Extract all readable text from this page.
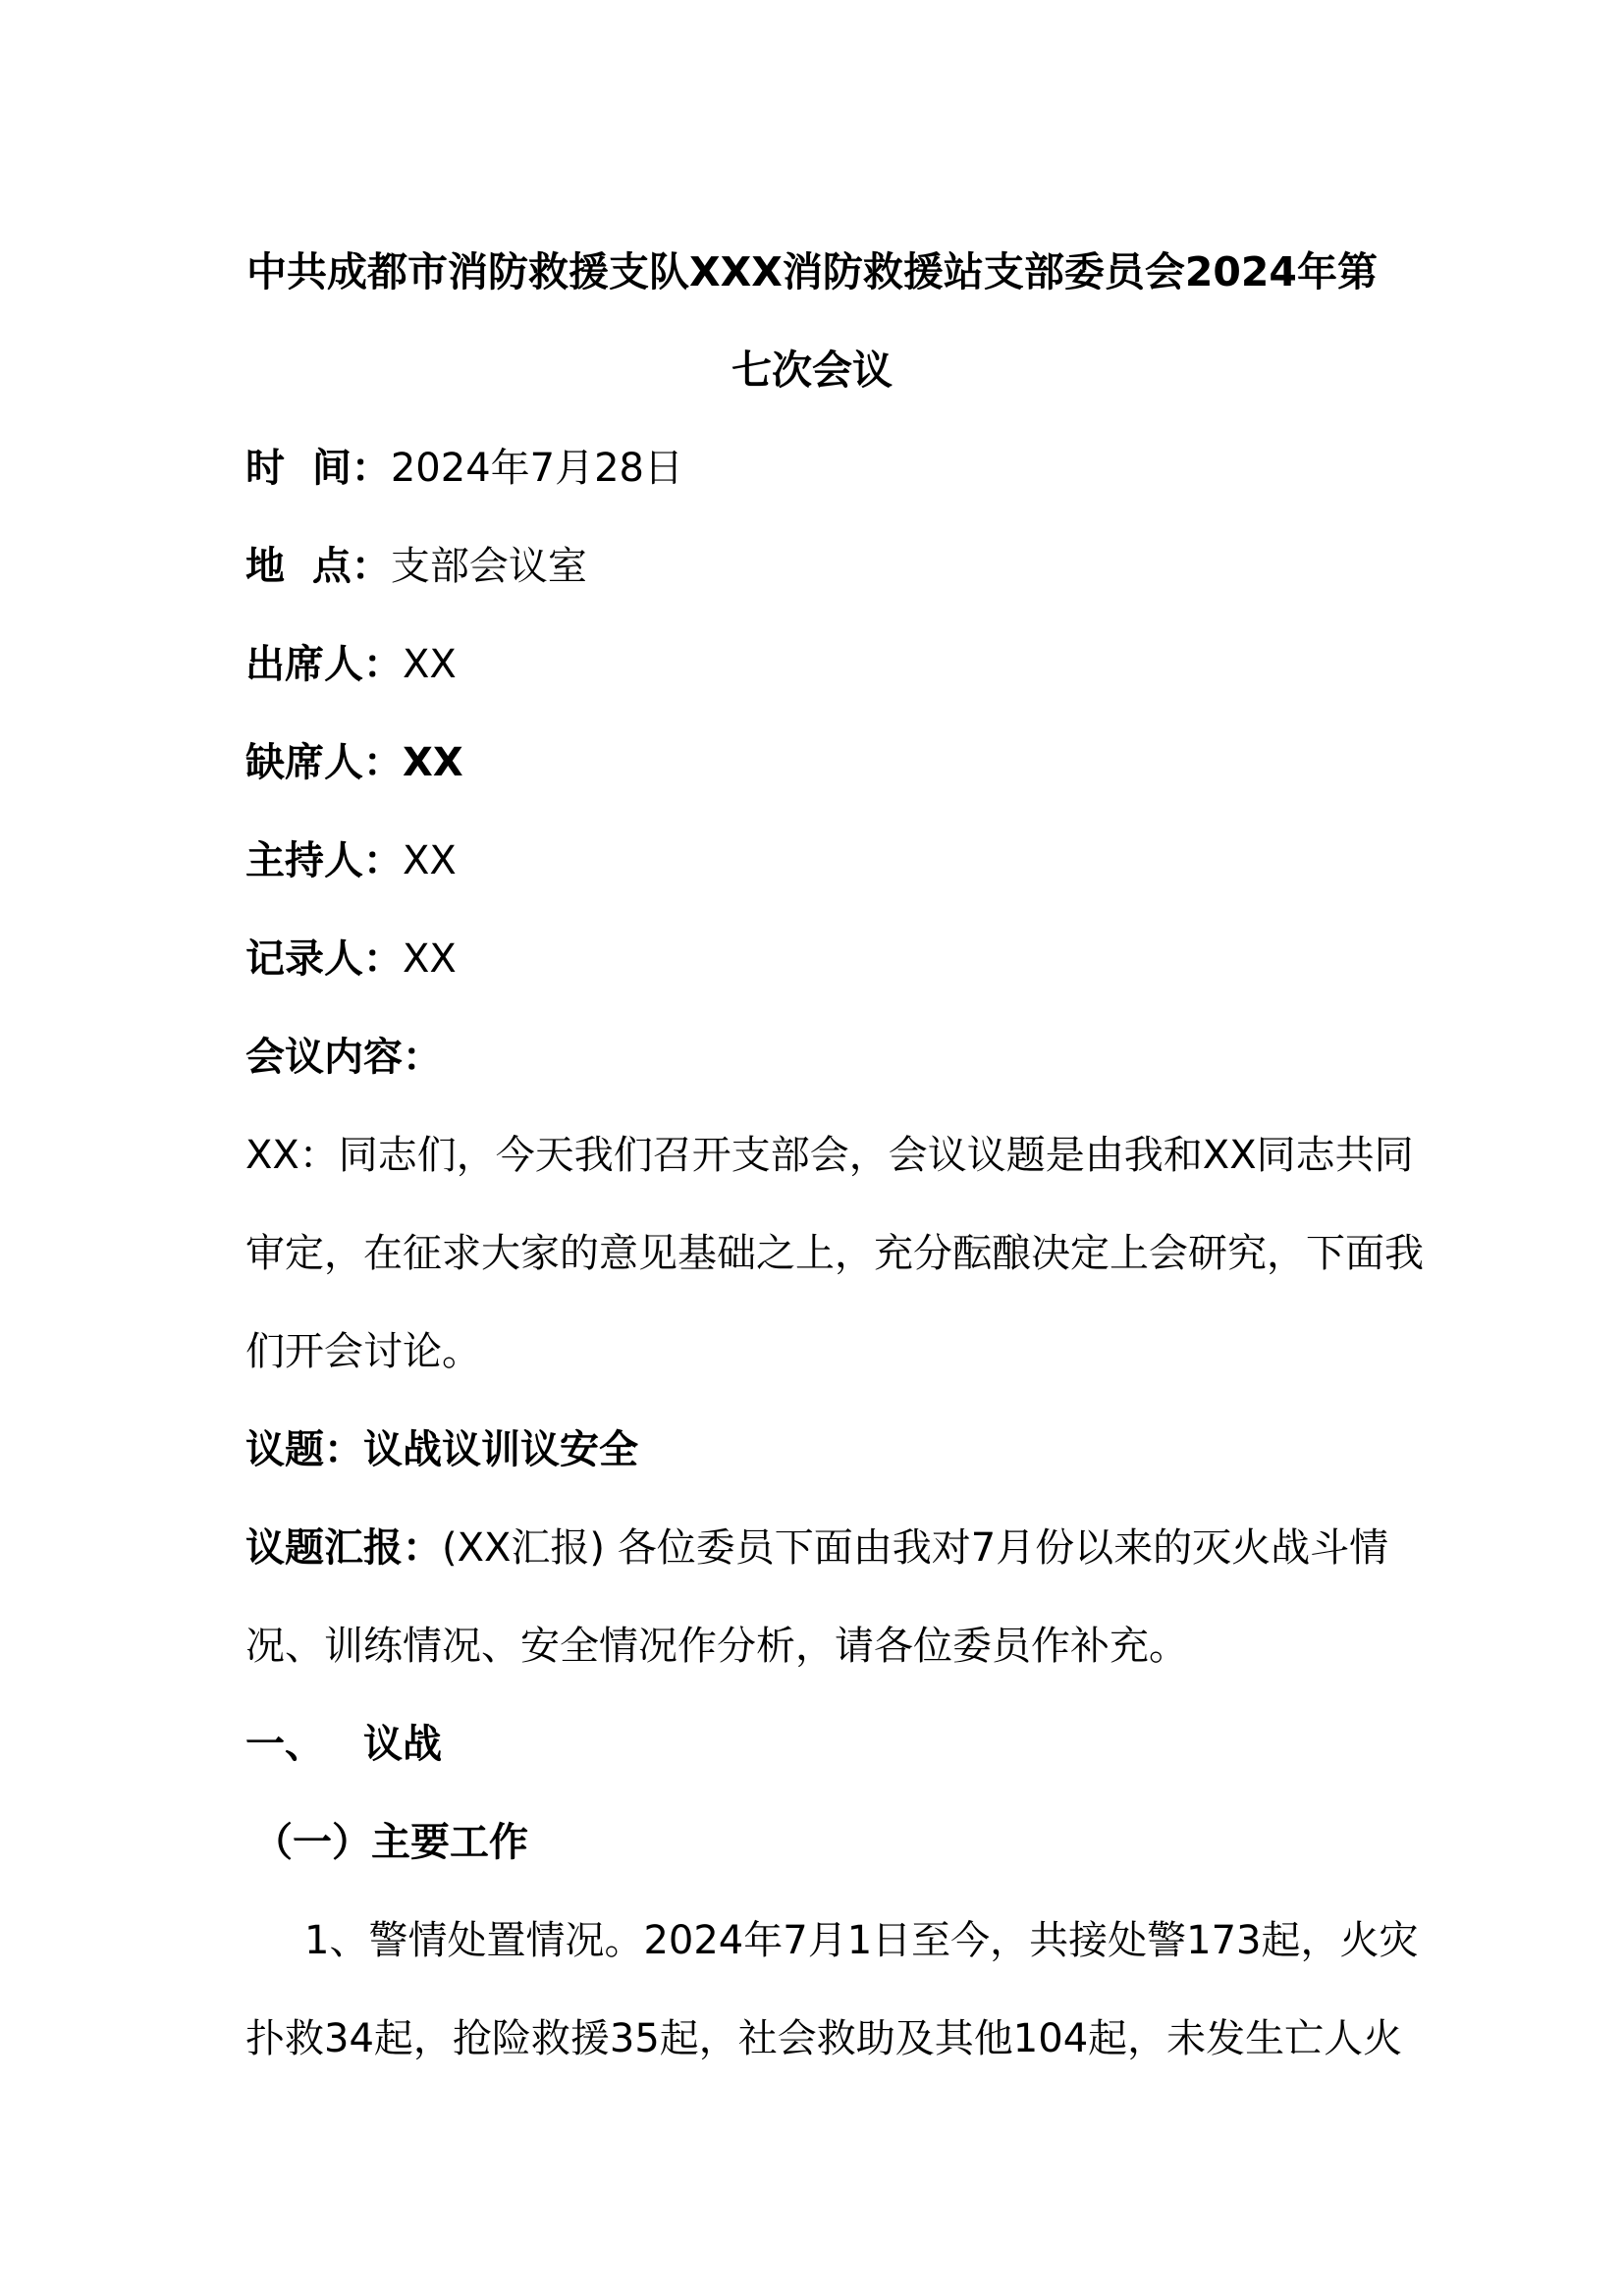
中共成都市消防救援支队XXX消防救援站支部委员会2024年第
七次会议
时  间：2024年7月28日
地  点：支部会议室
出席人：XX
缺席人：XX
主持人：XX
记录人：XX
会议内容：
XX：同志们，今天我们召开支部会，会议议题是由我和XX同志共同
审定，在征求大家的意见基础之上，充分酝酿决定上会研究，下面我
们开会讨论。
议题：议战议训议安全
议题汇报：(XX汇报) 各位委员下面由我对7月份以来的灭火战斗情
况、训练情况、安全情况作分析，请各位委员作补充。
一、 议战
（一）主要工作
1、警情处置情况。2024年7月1日至今，共接处警173起，火灾
扑救34起，抢险救援35起，社会救助及其他104起，未发生亡人火
